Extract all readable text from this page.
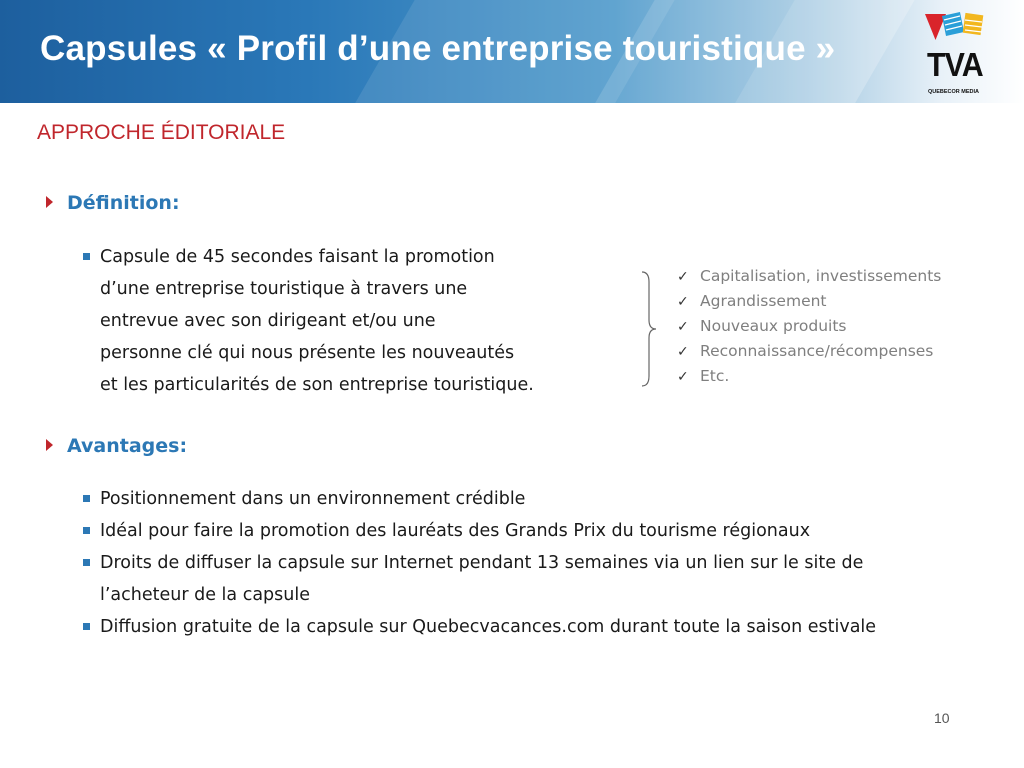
Capsules « Profil d’une entreprise touristique »	TVA
QUEBECOR MEDIA
APPROCHE ÉDITORIALE
Définition:
Capsule de 45 secondes faisant la promotion
d’une entreprise touristique à travers une
entrevue avec son dirigeant et/ou une
personne clé qui nous présente les nouveautés
et les particularités de son entreprise touristique.
✓ Capitalisation, investissements
✓ Agrandissement
✓ Nouveaux produits
✓ Reconnaissance/récompenses
✓ Etc.
Avantages:
Positionnement dans un environnement crédible
Idéal pour faire la promotion des lauréats des Grands Prix du tourisme régionaux
Droits de diffuser la capsule sur Internet pendant 13 semaines via un lien sur le site de l’acheteur de la capsule
Diffusion gratuite de la capsule sur Quebecvacances.com durant toute la saison estivale
10
